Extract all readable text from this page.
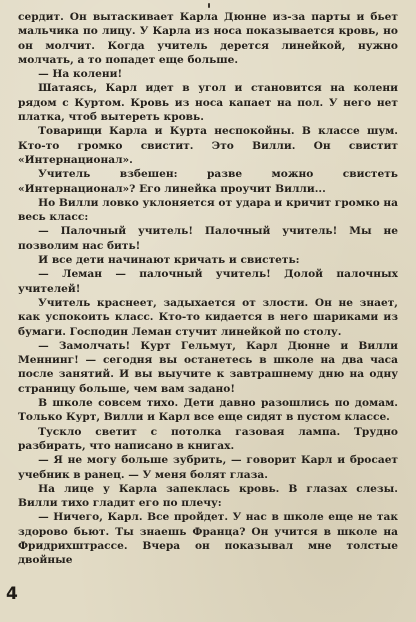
сердит. Он вытаскивает Карла Дюнне из-за парты и бьет мальчика по лицу. У Карла из носа показывается кровь, но он молчит. Когда учитель дерется линейкой, нужно молчать, а то попадет еще больше.

— На колени!

Шатаясь, Карл идет в угол и становится на колени рядом с Куртом. Кровь из носа капает на пол. У него нет платка, чтоб вытереть кровь.

Товарищи Карла и Курта неспокойны. В классе шум. Кто-то громко свистит. Это Вилли. Он свистит «Интернационал».

Учитель взбешен: разве можно свистеть «Интернационал»? Его линейка проучит Вилли...

Но Вилли ловко уклоняется от удара и кричит громко на весь класс:

— Палочный учитель! Палочный учитель! Мы не позволим нас бить!

И все дети начинают кричать и свистеть:

— Леман — палочный учитель! Долой палочных учителей!

Учитель краснеет, задыхается от злости. Он не знает, как успокоить класс. Кто-то кидается в него шариками из бумаги. Господин Леман стучит линейкой по столу.

— Замолчать! Курт Гельмут, Карл Дюнне и Вилли Меннинг! — сегодня вы останетесь в школе на два часа после занятий. И вы выучите к завтрашнему дню на одну страницу больше, чем вам задано!

В школе совсем тихо. Дети давно разошлись по домам. Только Курт, Вилли и Карл все еще сидят в пустом классе.

Тускло светит с потолка газовая лампа. Трудно разбирать, что написано в книгах.

— Я не могу больше зубрить, — говорит Карл и бросает учебник в ранец. — У меня болят глаза.

На лице у Карла запеклась кровь. В глазах слезы. Вилли тихо гладит его по плечу:

— Ничего, Карл. Все пройдет. У нас в школе еще не так здорово бьют. Ты знаешь Франца? Он учится в школе на Фридрихштрассе. Вчера он показывал мне толстые двойные

4
